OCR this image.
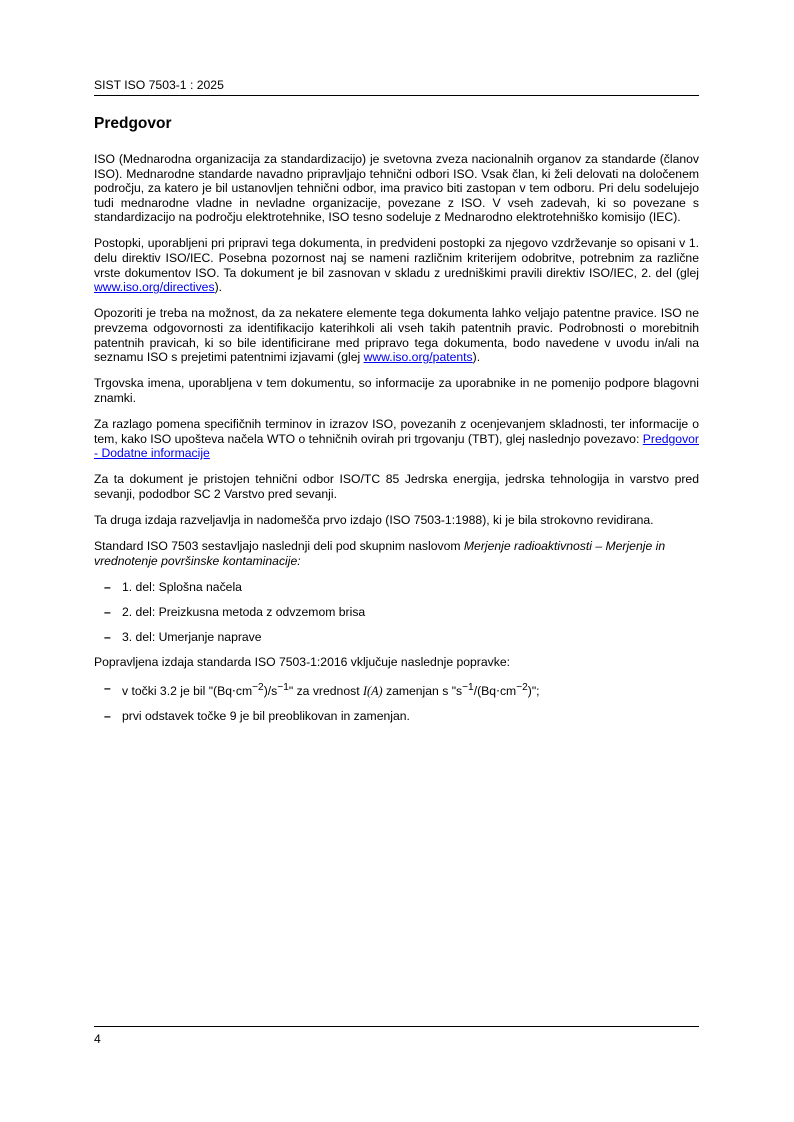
SIST ISO 7503-1 : 2025
Predgovor

ISO (Mednarodna organizacija za standardizacijo) je svetovna zveza nacionalnih organov za standarde (članov ISO). Mednarodne standarde navadno pripravljajo tehnični odbori ISO. Vsak član, ki želi delovati na določenem področju, za katero je bil ustanovljen tehnični odbor, ima pravico biti zastopan v tem odboru. Pri delu sodelujejo tudi mednarodne vladne in nevladne organizacije, povezane z ISO. V vseh zadevah, ki so povezane s standardizacijo na področju elektrotehnike, ISO tesno sodeluje z Mednarodno elektrotehniško komisijo (IEC).

Postopki, uporabljeni pri pripravi tega dokumenta, in predvideni postopki za njegovo vzdrževanje so opisani v 1. delu direktiv ISO/IEC. Posebna pozornost naj se nameni različnim kriterijem odobritve, potrebnim za različne vrste dokumentov ISO. Ta dokument je bil zasnovan v skladu z uredniškimi pravili direktiv ISO/IEC, 2. del (glej www.iso.org/directives).

Opozoriti je treba na možnost, da za nekatere elemente tega dokumenta lahko veljajo patentne pravice. ISO ne prevzema odgovornosti za identifikacijo katerihkoli ali vseh takih patentnih pravic. Podrobnosti o morebitnih patentnih pravicah, ki so bile identificirane med pripravo tega dokumenta, bodo navedene v uvodu in/ali na seznamu ISO s prejetimi patentnimi izjavami (glej www.iso.org/patents).

Trgovska imena, uporabljena v tem dokumentu, so informacije za uporabnike in ne pomenijo podpore blagovni znamki.

Za razlago pomena specifičnih terminov in izrazov ISO, povezanih z ocenjevanjem skladnosti, ter informacije o tem, kako ISO upošteva načela WTO o tehničnih ovirah pri trgovanju (TBT), glej naslednjo povezavo: Predgovor - Dodatne informacije

Za ta dokument je pristojen tehnični odbor ISO/TC 85 Jedrska energija, jedrska tehnologija in varstvo pred sevanji, pododbor SC 2 Varstvo pred sevanji.

Ta druga izdaja razveljavlja in nadomešča prvo izdajo (ISO 7503-1:1988), ki je bila strokovno revidirana.

Standard ISO 7503 sestavljajo naslednji deli pod skupnim naslovom Merjenje radioaktivnosti – Merjenje in vrednotenje površinske kontaminacije:

– 1. del: Splošna načela
– 2. del: Preizkusna metoda z odvzemom brisa
– 3. del: Umerjanje naprave

Popravljena izdaja standarda ISO 7503-1:2016 vključuje naslednje popravke:

– v točki 3.2 je bil "$(Bq\cdot cm^{-2})/s^{-1}$" za vrednost I(A) zamenjan s "$s^{-1}/(Bq\cdot cm^{-2})$";
– prvi odstavek točke 9 je bil preoblikovan in zamenjan.
4
